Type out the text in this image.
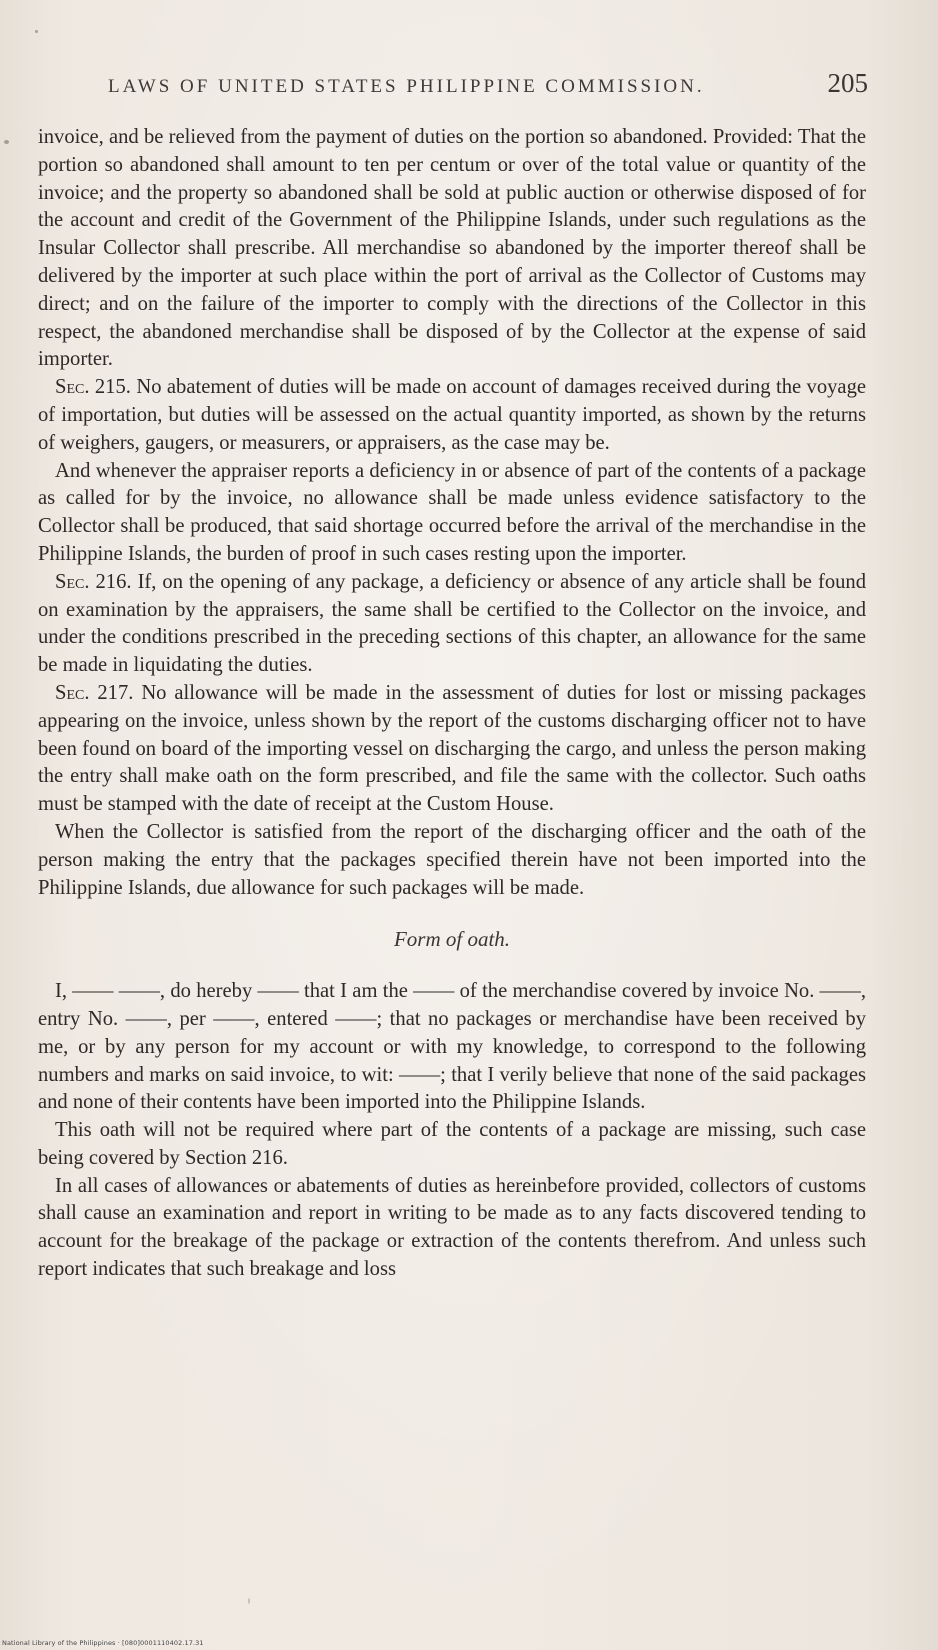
LAWS OF UNITED STATES PHILIPPINE COMMISSION.	205

invoice, and be relieved from the payment of duties on the portion so abandoned. Provided: That the portion so abandoned shall amount to ten per centum or over of the total value or quantity of the invoice; and the property so abandoned shall be sold at public auction or otherwise disposed of for the account and credit of the Government of the Philippine Islands, under such regulations as the Insular Collector shall prescribe. All merchandise so abandoned by the importer thereof shall be delivered by the importer at such place within the port of arrival as the Collector of Customs may direct; and on the failure of the importer to comply with the directions of the Collector in this respect, the abandoned merchandise shall be disposed of by the Collector at the expense of said importer.

Sec. 215. No abatement of duties will be made on account of damages received during the voyage of importation, but duties will be assessed on the actual quantity imported, as shown by the returns of weighers, gaugers, or measurers, or appraisers, as the case may be.

And whenever the appraiser reports a deficiency in or absence of part of the contents of a package as called for by the invoice, no allowance shall be made unless evidence satisfactory to the Collector shall be produced, that said shortage occurred before the arrival of the merchandise in the Philippine Islands, the burden of proof in such cases resting upon the importer.

Sec. 216. If, on the opening of any package, a deficiency or absence of any article shall be found on examination by the appraisers, the same shall be certified to the Collector on the invoice, and under the conditions prescribed in the preceding sections of this chapter, an allowance for the same be made in liquidating the duties.

Sec. 217. No allowance will be made in the assessment of duties for lost or missing packages appearing on the invoice, unless shown by the report of the customs discharging officer not to have been found on board of the importing vessel on discharging the cargo, and unless the person making the entry shall make oath on the form prescribed, and file the same with the collector. Such oaths must be stamped with the date of receipt at the Custom House.

When the Collector is satisfied from the report of the discharging officer and the oath of the person making the entry that the packages specified therein have not been imported into the Philippine Islands, due allowance for such packages will be made.

Form of oath.

I, —— ——, do hereby —— that I am the —— of the merchandise covered by invoice No. ——, entry No. ——, per ——, entered ——; that no packages or merchandise have been received by me, or by any person for my account or with my knowledge, to correspond to the following numbers and marks on said invoice, to wit: ——; that I verily believe that none of the said packages and none of their contents have been imported into the Philippine Islands.

This oath will not be required where part of the contents of a package are missing, such case being covered by Section 216.

In all cases of allowances or abatements of duties as hereinbefore provided, collectors of customs shall cause an examination and report in writing to be made as to any facts discovered tending to account for the breakage of the package or extraction of the contents therefrom. And unless such report indicates that such breakage and loss

National Library of the Philippines · [080]0001110402.17.31
